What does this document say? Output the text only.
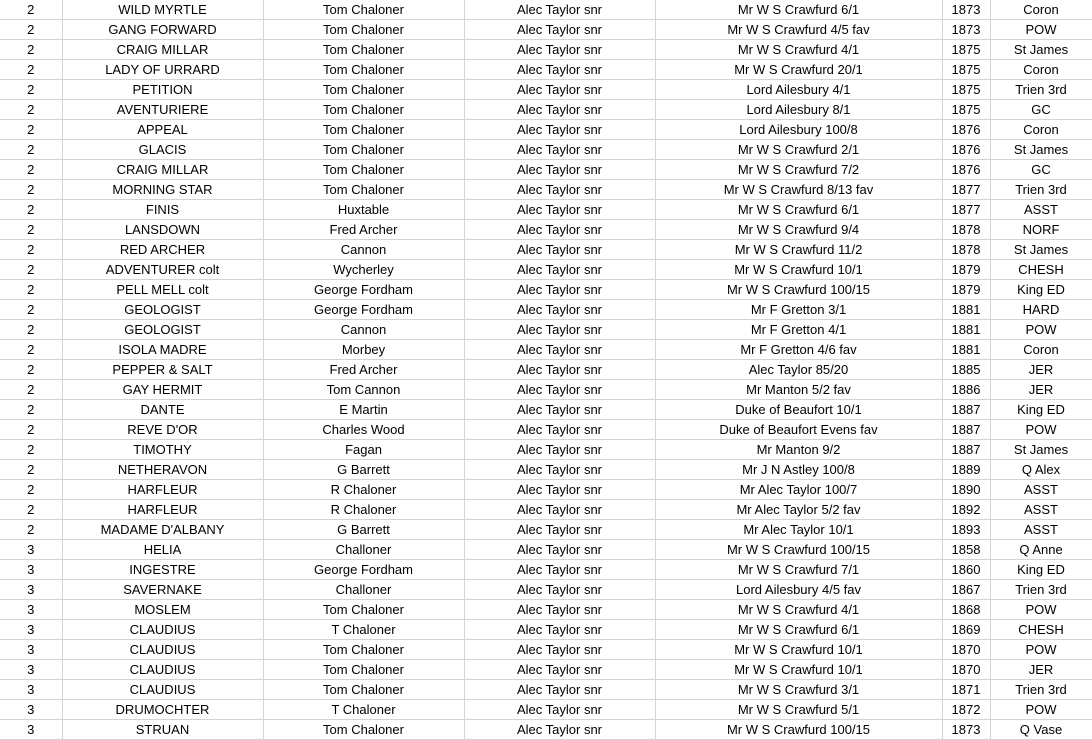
2	WILD MYRTLE	Tom Chaloner	Alec Taylor snr	Mr W S Crawfurd 6/1	1873	Coron
2	GANG FORWARD	Tom Chaloner	Alec Taylor snr	Mr W S Crawfurd 4/5 fav	1873	POW
2	CRAIG MILLAR	Tom Chaloner	Alec Taylor snr	Mr W S Crawfurd 4/1	1875	St James
2	LADY OF URRARD	Tom Chaloner	Alec Taylor snr	Mr W S Crawfurd 20/1	1875	Coron
2	PETITION	Tom Chaloner	Alec Taylor snr	Lord Ailesbury 4/1	1875	Trien 3rd
2	AVENTURIERE	Tom Chaloner	Alec Taylor snr	Lord Ailesbury 8/1	1875	GC
2	APPEAL	Tom Chaloner	Alec Taylor snr	Lord Ailesbury 100/8	1876	Coron
2	GLACIS	Tom Chaloner	Alec Taylor snr	Mr W S Crawfurd 2/1	1876	St James
2	CRAIG MILLAR	Tom Chaloner	Alec Taylor snr	Mr W S Crawfurd 7/2	1876	GC
2	MORNING STAR	Tom Chaloner	Alec Taylor snr	Mr W S Crawfurd 8/13 fav	1877	Trien 3rd
2	FINIS	Huxtable	Alec Taylor snr	Mr W S Crawfurd 6/1	1877	ASST
2	LANSDOWN	Fred Archer	Alec Taylor snr	Mr W S Crawfurd 9/4	1878	NORF
2	RED ARCHER	Cannon	Alec Taylor snr	Mr W S Crawfurd 11/2	1878	St James
2	ADVENTURER colt	Wycherley	Alec Taylor snr	Mr W S Crawfurd 10/1	1879	CHESH
2	PELL MELL colt	George Fordham	Alec Taylor snr	Mr W S Crawfurd 100/15	1879	King ED
2	GEOLOGIST	George Fordham	Alec Taylor snr	Mr F Gretton 3/1	1881	HARD
2	GEOLOGIST	Cannon	Alec Taylor snr	Mr F Gretton 4/1	1881	POW
2	ISOLA MADRE	Morbey	Alec Taylor snr	Mr F Gretton 4/6 fav	1881	Coron
2	PEPPER & SALT	Fred Archer	Alec Taylor snr	Alec Taylor 85/20	1885	JER
2	GAY HERMIT	Tom Cannon	Alec Taylor snr	Mr Manton 5/2 fav	1886	JER
2	DANTE	E Martin	Alec Taylor snr	Duke of Beaufort 10/1	1887	King ED
2	REVE D'OR	Charles Wood	Alec Taylor snr	Duke of Beaufort Evens fav	1887	POW
2	TIMOTHY	Fagan	Alec Taylor snr	Mr Manton 9/2	1887	St James
2	NETHERAVON	G Barrett	Alec Taylor snr	Mr J N Astley 100/8	1889	Q Alex
2	HARFLEUR	R Chaloner	Alec Taylor snr	Mr Alec Taylor 100/7	1890	ASST
2	HARFLEUR	R Chaloner	Alec Taylor snr	Mr Alec Taylor 5/2 fav	1892	ASST
2	MADAME D'ALBANY	G Barrett	Alec Taylor snr	Mr Alec Taylor 10/1	1893	ASST
3	HELIA	Challoner	Alec Taylor snr	Mr W S Crawfurd 100/15	1858	Q Anne
3	INGESTRE	George Fordham	Alec Taylor snr	Mr W S Crawfurd 7/1	1860	King ED
3	SAVERNAKE	Challoner	Alec Taylor snr	Lord Ailesbury 4/5 fav	1867	Trien 3rd
3	MOSLEM	Tom Chaloner	Alec Taylor snr	Mr W S Crawfurd 4/1	1868	POW
3	CLAUDIUS	T Chaloner	Alec Taylor snr	Mr W S Crawfurd 6/1	1869	CHESH
3	CLAUDIUS	Tom Chaloner	Alec Taylor snr	Mr W S Crawfurd 10/1	1870	POW
3	CLAUDIUS	Tom Chaloner	Alec Taylor snr	Mr W S Crawfurd 10/1	1870	JER
3	CLAUDIUS	Tom Chaloner	Alec Taylor snr	Mr W S Crawfurd 3/1	1871	Trien 3rd
3	DRUMOCHTER	T Chaloner	Alec Taylor snr	Mr W S Crawfurd 5/1	1872	POW
3	STRUAN	Tom Chaloner	Alec Taylor snr	Mr W S Crawfurd 100/15	1873	Q Vase
